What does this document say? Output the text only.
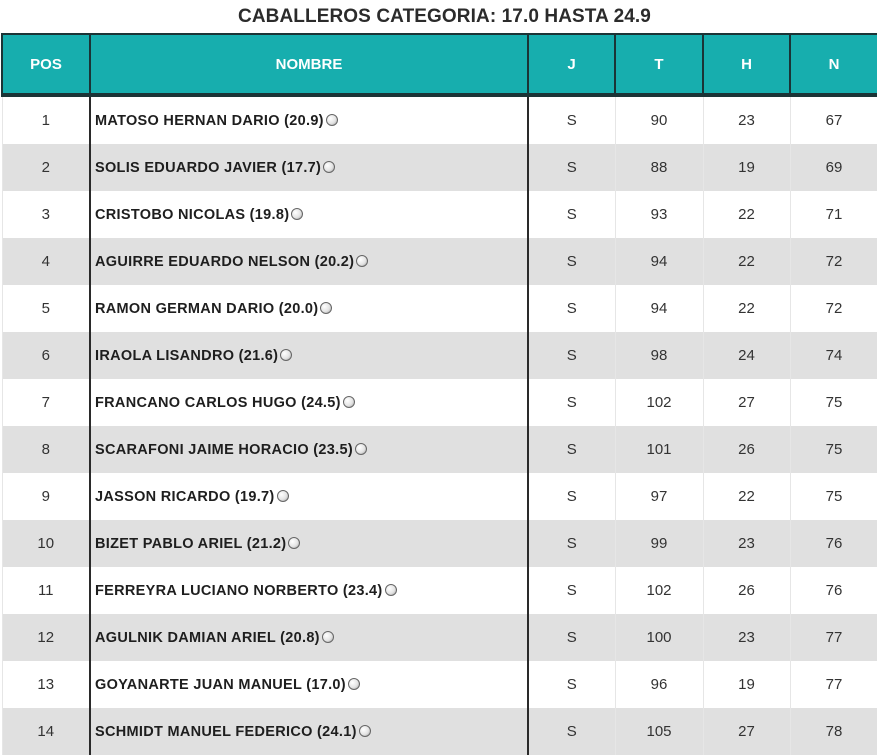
CABALLEROS CATEGORIA: 17.0 HASTA 24.9
POS	NOMBRE	J	T	H	N
1	MATOSO HERNAN DARIO (20.9)	S	90	23	67
2	SOLIS EDUARDO JAVIER (17.7)	S	88	19	69
3	CRISTOBO NICOLAS (19.8)	S	93	22	71
4	AGUIRRE EDUARDO NELSON (20.2)	S	94	22	72
5	RAMON GERMAN DARIO (20.0)	S	94	22	72
6	IRAOLA LISANDRO (21.6)	S	98	24	74
7	FRANCANO CARLOS HUGO (24.5)	S	102	27	75
8	SCARAFONI JAIME HORACIO (23.5)	S	101	26	75
9	JASSON RICARDO (19.7)	S	97	22	75
10	BIZET PABLO ARIEL (21.2)	S	99	23	76
11	FERREYRA LUCIANO NORBERTO (23.4)	S	102	26	76
12	AGULNIK DAMIAN ARIEL (20.8)	S	100	23	77
13	GOYANARTE JUAN MANUEL (17.0)	S	96	19	77
14	SCHMIDT MANUEL FEDERICO (24.1)	S	105	27	78
